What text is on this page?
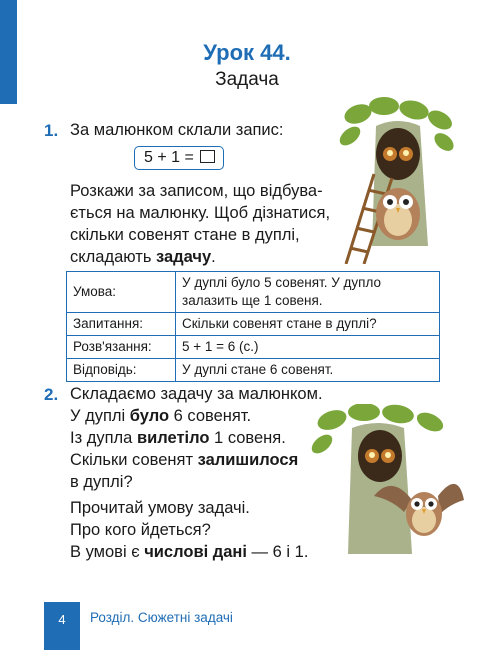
Урок 44.
Задача
1. За малюнком склали запис:
5 + 1 =

Розкажи за записом, що відбува-

ється на малюнку. Щоб дізнатися,

скільки совенят стане в дуплі,

складають задачу.

Умова:	У дуплі було 5 совенят. У дупло
залазить ще 1 совеня.

Запитання:	Скільки совенят стане в дуплі?
Розв'язання:	5 + 1 = 6 (с.)
Відповідь:	У дуплі стане 6 совенят.
2. Складаємо задачу за малюнком.

У дуплі було 6 совенят.

Із дупла вилетіло 1 совеня.

Скільки совенят залишилося

в дуплі?

Прочитай умову задачі.

Про кого йдеться?

В умові є числові дані — 6 і 1.

4	Розділ. Сюжетні задачі
